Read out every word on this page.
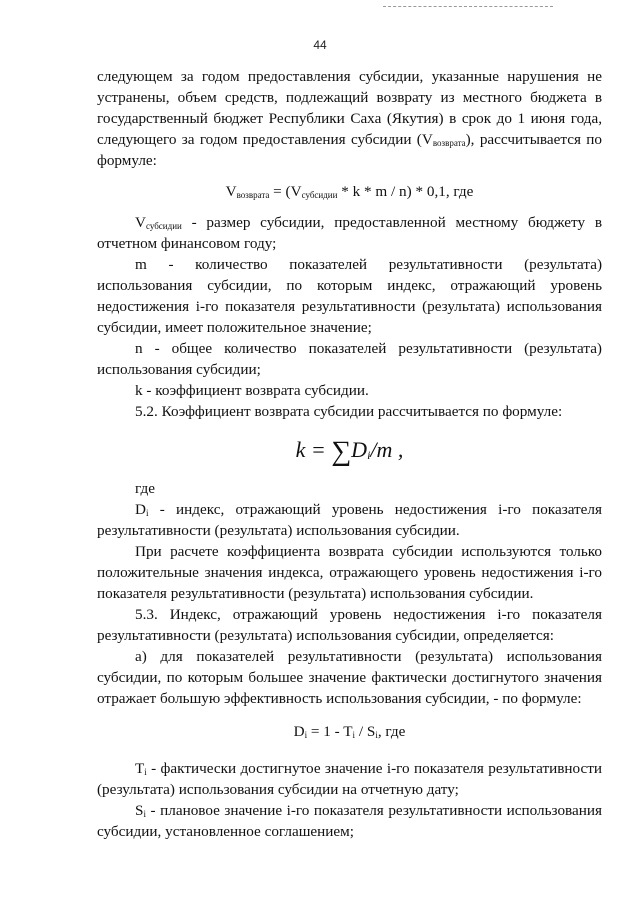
44

следующем за годом предоставления субсидии, указанные нарушения не устранены, объем средств, подлежащий возврату из местного бюджета в государственный бюджет Республики Саха (Якутия) в срок до 1 июня года, следующего за годом предоставления субсидии $(V_{возврата})$, рассчитывается по формуле:

$V_{возврата} = (V_{субсидии} * k * m / n) * 0,1$, где

$V_{субсидии}$ - размер субсидии, предоставленной местному бюджету в отчетном финансовом году;

m - количество показателей результативности (результата) использования субсидии, по которым индекс, отражающий уровень недостижения i-го показателя результативности (результата) использования субсидии, имеет положительное значение;

n - общее количество показателей результативности (результата) использования субсидии;

k - коэффициент возврата субсидии.

5.2. Коэффициент возврата субсидии рассчитывается по формуле:

$k = \sum D_i/m$ ,

где

$D_i$ - индекс, отражающий уровень недостижения i-го показателя результативности (результата) использования субсидии.

При расчете коэффициента возврата субсидии используются только положительные значения индекса, отражающего уровень недостижения i-го показателя результативности (результата) использования субсидии.

5.3. Индекс, отражающий уровень недостижения i-го показателя результативности (результата) использования субсидии, определяется:

а) для показателей результативности (результата) использования субсидии, по которым большее значение фактически достигнутого значения отражает большую эффективность использования субсидии, - по формуле:

$D_i = 1 - T_i / S_i$, где

$T_i$ - фактически достигнутое значение i-го показателя результативности (результата) использования субсидии на отчетную дату;

$S_i$ - плановое значение i-го показателя результативности использования субсидии, установленное соглашением;
